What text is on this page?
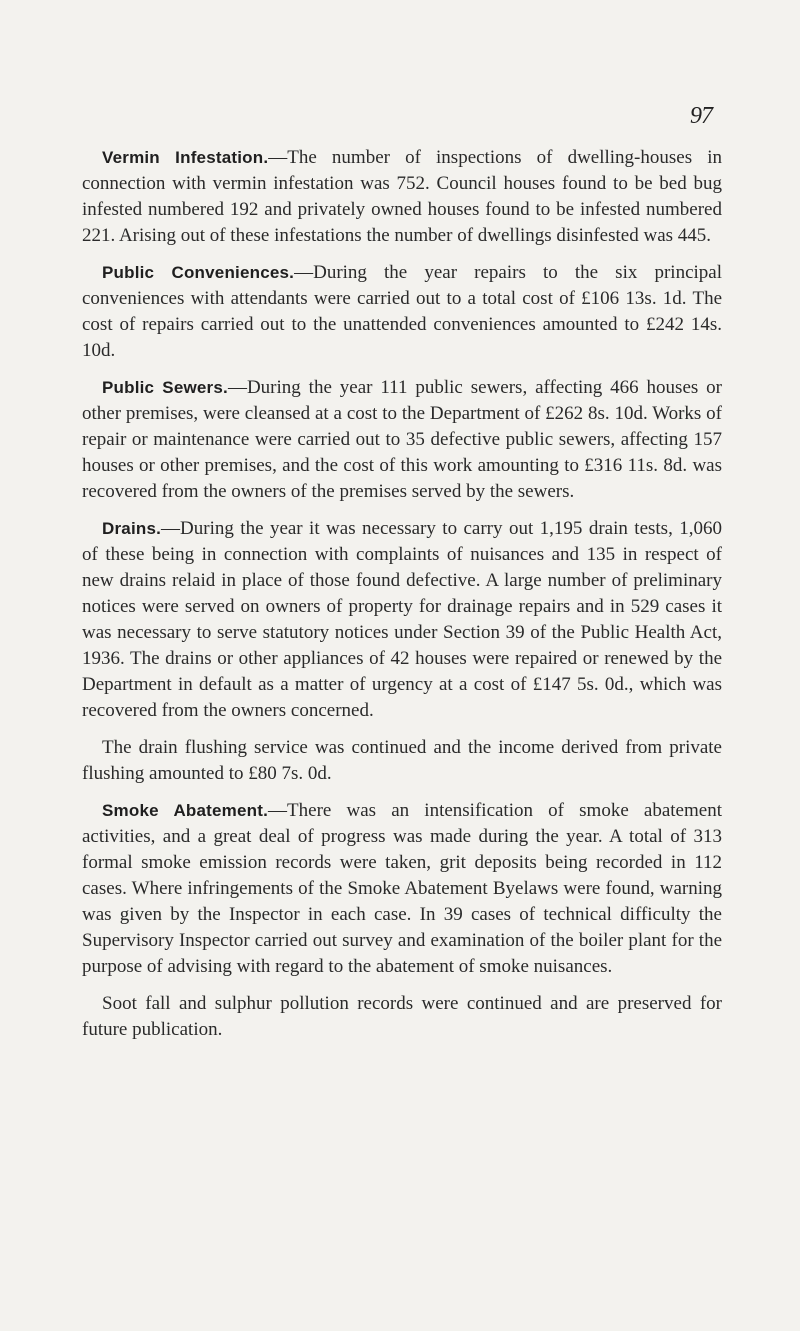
97

Vermin Infestation.—The number of inspections of dwelling-houses in connection with vermin infestation was 752. Council houses found to be bed bug infested numbered 192 and privately owned houses found to be infested numbered 221. Arising out of these infestations the number of dwellings disinfested was 445.

Public Conveniences.—During the year repairs to the six principal conveniences with attendants were carried out to a total cost of £106 13s. 1d. The cost of repairs carried out to the unattended conveniences amounted to £242 14s. 10d.

Public Sewers.—During the year 111 public sewers, affecting 466 houses or other premises, were cleansed at a cost to the Department of £262 8s. 10d. Works of repair or maintenance were carried out to 35 defective public sewers, affecting 157 houses or other premises, and the cost of this work amounting to £316 11s. 8d. was recovered from the owners of the premises served by the sewers.

Drains.—During the year it was necessary to carry out 1,195 drain tests, 1,060 of these being in connection with complaints of nuisances and 135 in respect of new drains relaid in place of those found defective. A large number of preliminary notices were served on owners of property for drainage repairs and in 529 cases it was necessary to serve statutory notices under Section 39 of the Public Health Act, 1936. The drains or other appliances of 42 houses were repaired or renewed by the Department in default as a matter of urgency at a cost of £147 5s. 0d., which was recovered from the owners concerned.

The drain flushing service was continued and the income derived from private flushing amounted to £80 7s. 0d.

Smoke Abatement.—There was an intensification of smoke abatement activities, and a great deal of progress was made during the year. A total of 313 formal smoke emission records were taken, grit deposits being recorded in 112 cases. Where infringements of the Smoke Abatement Byelaws were found, warning was given by the Inspector in each case. In 39 cases of technical difficulty the Supervisory Inspector carried out survey and examination of the boiler plant for the purpose of advising with regard to the abatement of smoke nuisances.

Soot fall and sulphur pollution records were continued and are preserved for future publication.
